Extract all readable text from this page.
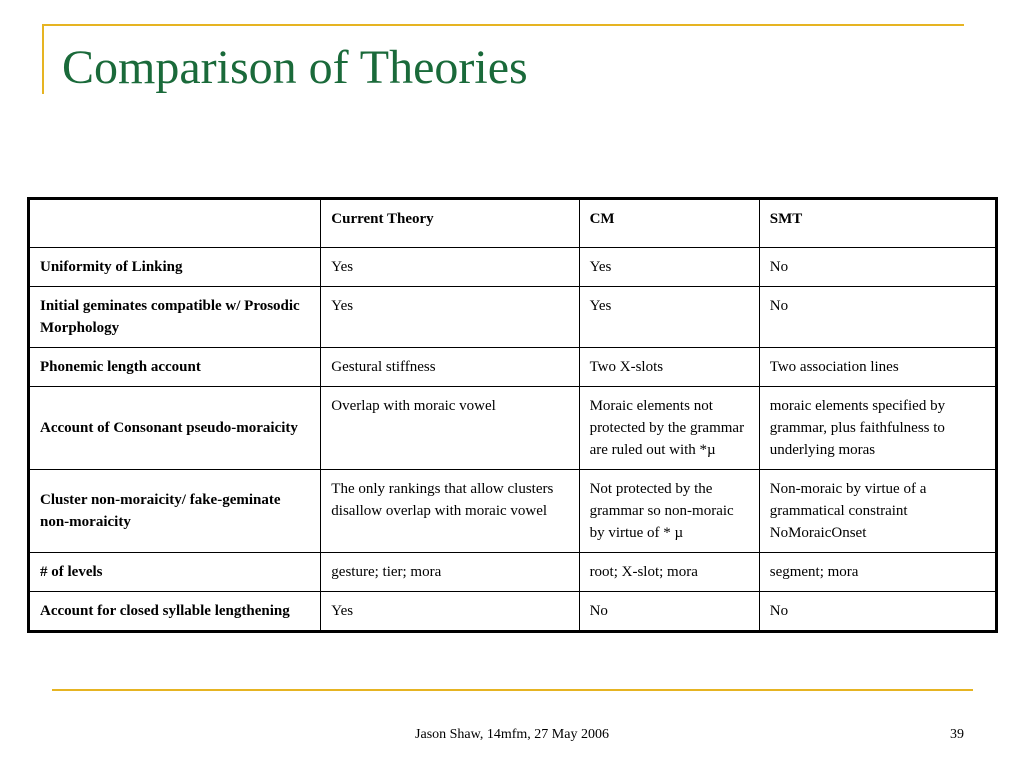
Comparison of Theories
	Current Theory	CM	SMT
Uniformity of Linking	Yes	Yes	No
Initial geminates compatible w/ Prosodic Morphology	Yes	Yes	No
Phonemic length account	Gestural stiffness	Two X-slots	Two association lines
Account of Consonant pseudo-moraicity	Overlap with moraic vowel	Moraic elements not protected by the grammar are ruled out with *µ	moraic elements specified by grammar, plus faithfulness to underlying moras
Cluster non-moraicity/ fake-geminate non-moraicity	The only rankings that allow clusters disallow overlap with moraic vowel	Not protected by the grammar so non-moraic by virtue of * µ	Non-moraic by virtue of a grammatical constraint NoMoraicOnset
# of levels	gesture; tier; mora	root; X-slot; mora	segment; mora
Account for closed syllable lengthening	Yes	No	No
Jason Shaw, 14mfm, 27 May 2006	39
